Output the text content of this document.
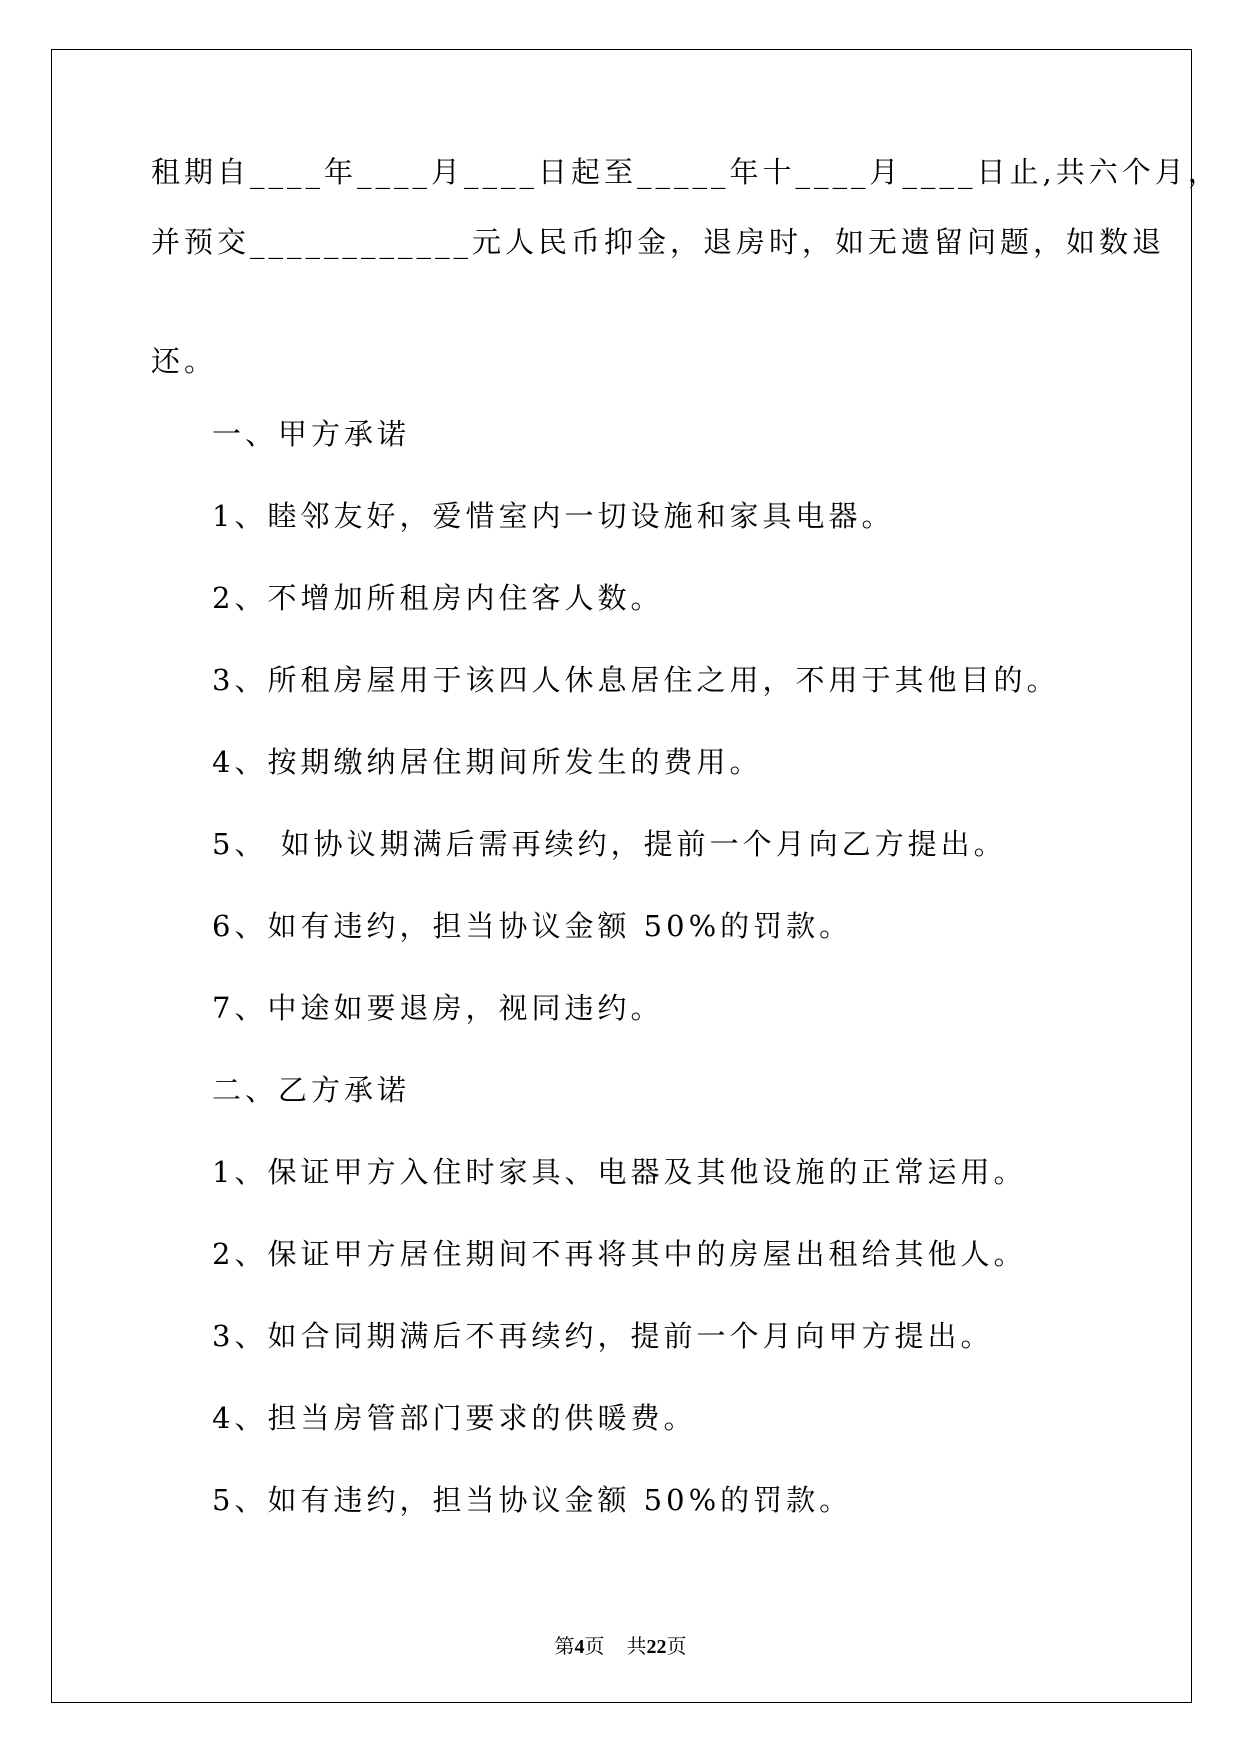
租期自____年____月____日起至_____年十____月____日止,共六个月，
并预交____________元人民币抑金，退房时，如无遗留问题，如数退
还。
一、甲方承诺
1、睦邻友好，爱惜室内一切设施和家具电器。
2、不增加所租房内住客人数。
3、所租房屋用于该四人休息居住之用，不用于其他目的。
4、按期缴纳居住期间所发生的费用。
5、 如协议期满后需再续约，提前一个月向乙方提出。
6、如有违约，担当协议金额 50%的罚款。
7、中途如要退房，视同违约。
二、乙方承诺
1、保证甲方入住时家具、电器及其他设施的正常运用。
2、保证甲方居住期间不再将其中的房屋出租给其他人。
3、如合同期满后不再续约，提前一个月向甲方提出。
4、担当房管部门要求的供暖费。
5、如有违约，担当协议金额 50%的罚款。
第4页 共22页
